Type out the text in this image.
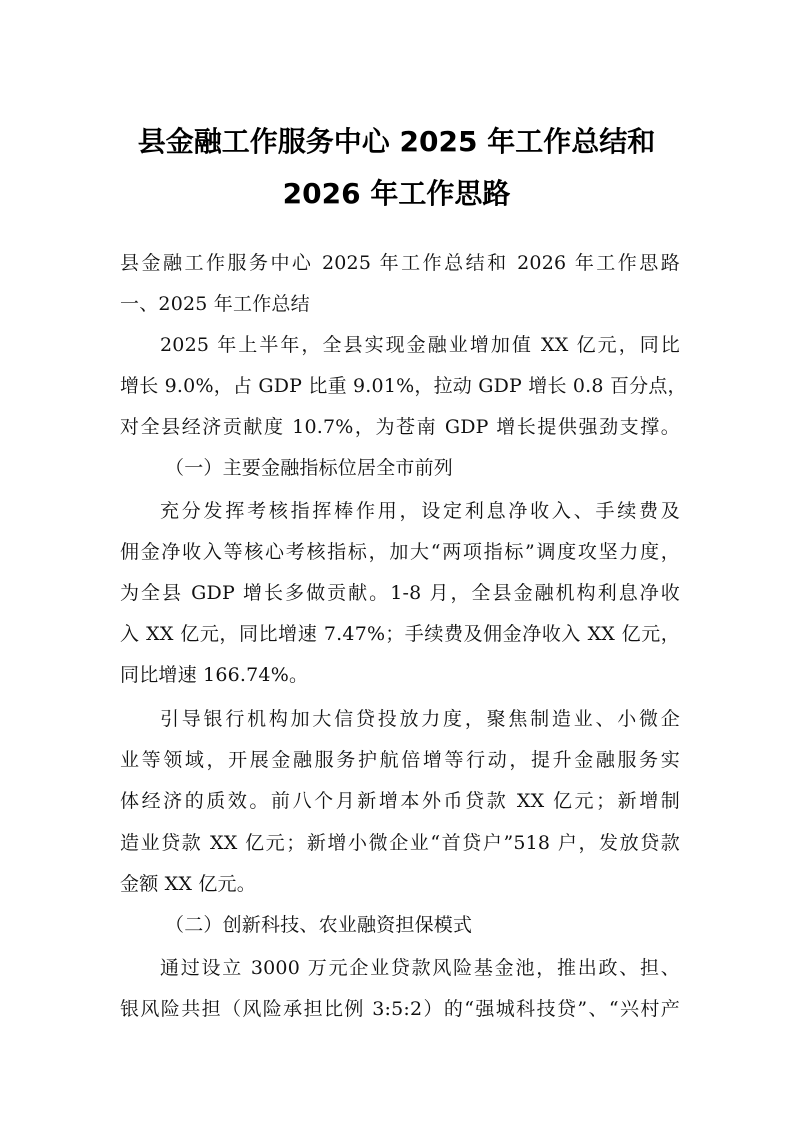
县金融工作服务中心 2025 年工作总结和
2026 年工作思路

县金融工作服务中心 2025 年工作总结和 2026 年工作思路

一、2025 年工作总结

2025 年上半年，全县实现金融业增加值 XX 亿元，同比

增长 9.0%，占 GDP 比重 9.01%，拉动 GDP 增长 0.8 百分点，

对全县经济贡献度 10.7%，为苍南 GDP 增长提供强劲支撑。

（一）主要金融指标位居全市前列

充分发挥考核指挥棒作用，设定利息净收入、手续费及

佣金净收入等核心考核指标，加大“两项指标”调度攻坚力度，

为全县 GDP 增长多做贡献。1-8 月，全县金融机构利息净收

入 XX 亿元，同比增速 7.47%；手续费及佣金净收入 XX 亿元，

同比增速 166.74%。

引导银行机构加大信贷投放力度，聚焦制造业、小微企

业等领域，开展金融服务护航倍增等行动，提升金融服务实

体经济的质效。前八个月新增本外币贷款 XX 亿元；新增制

造业贷款 XX 亿元；新增小微企业“首贷户”518 户，发放贷款

金额 XX 亿元。

（二）创新科技、农业融资担保模式

通过设立 3000 万元企业贷款风险基金池，推出政、担、

银风险共担（风险承担比例 3:5:2）的“强城科技贷”、“兴村产
